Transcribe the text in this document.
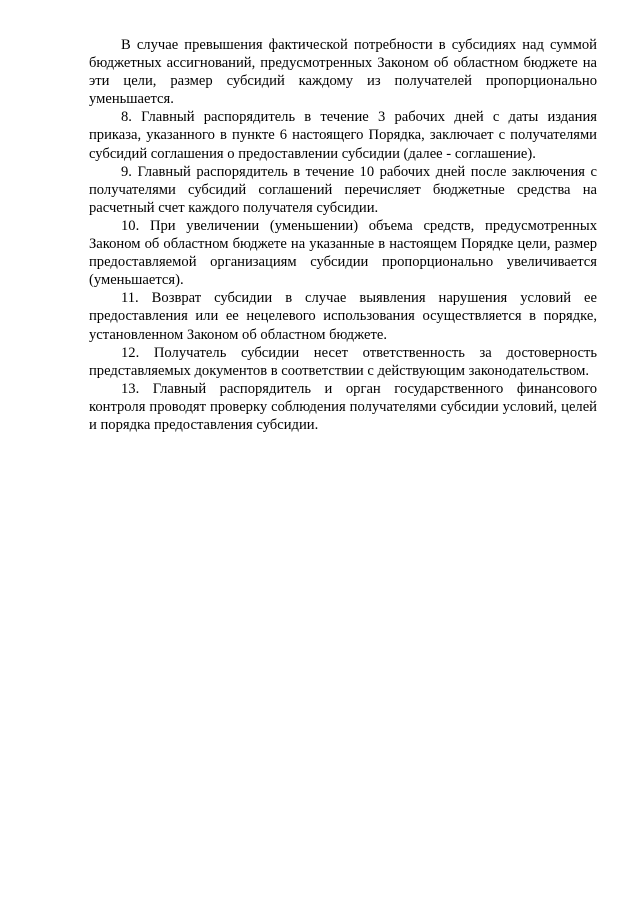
В случае превышения фактической потребности в субсидиях над суммой бюджетных ассигнований, предусмотренных Законом об областном бюджете на эти цели, размер субсидий каждому из получателей пропорционально уменьшается.

8. Главный распорядитель в течение 3 рабочих дней с даты издания приказа, указанного в пункте 6 настоящего Порядка, заключает с получателями субсидий соглашения о предоставлении субсидии (далее - соглашение).

9. Главный распорядитель в течение 10 рабочих дней после заключения с получателями субсидий соглашений перечисляет бюджетные средства на расчетный счет каждого получателя субсидии.

10. При увеличении (уменьшении) объема средств, предусмотренных Законом об областном бюджете на указанные в настоящем Порядке цели, размер предоставляемой организациям субсидии пропорционально увеличивается (уменьшается).

11. Возврат субсидии в случае выявления нарушения условий ее предоставления или ее нецелевого использования осуществляется в порядке, установленном Законом об областном бюджете.

12. Получатель субсидии несет ответственность за достоверность представляемых документов в соответствии с действующим законодательством.

13. Главный распорядитель и орган государственного финансового контроля проводят проверку соблюдения получателями субсидии условий, целей и порядка предоставления субсидии.
